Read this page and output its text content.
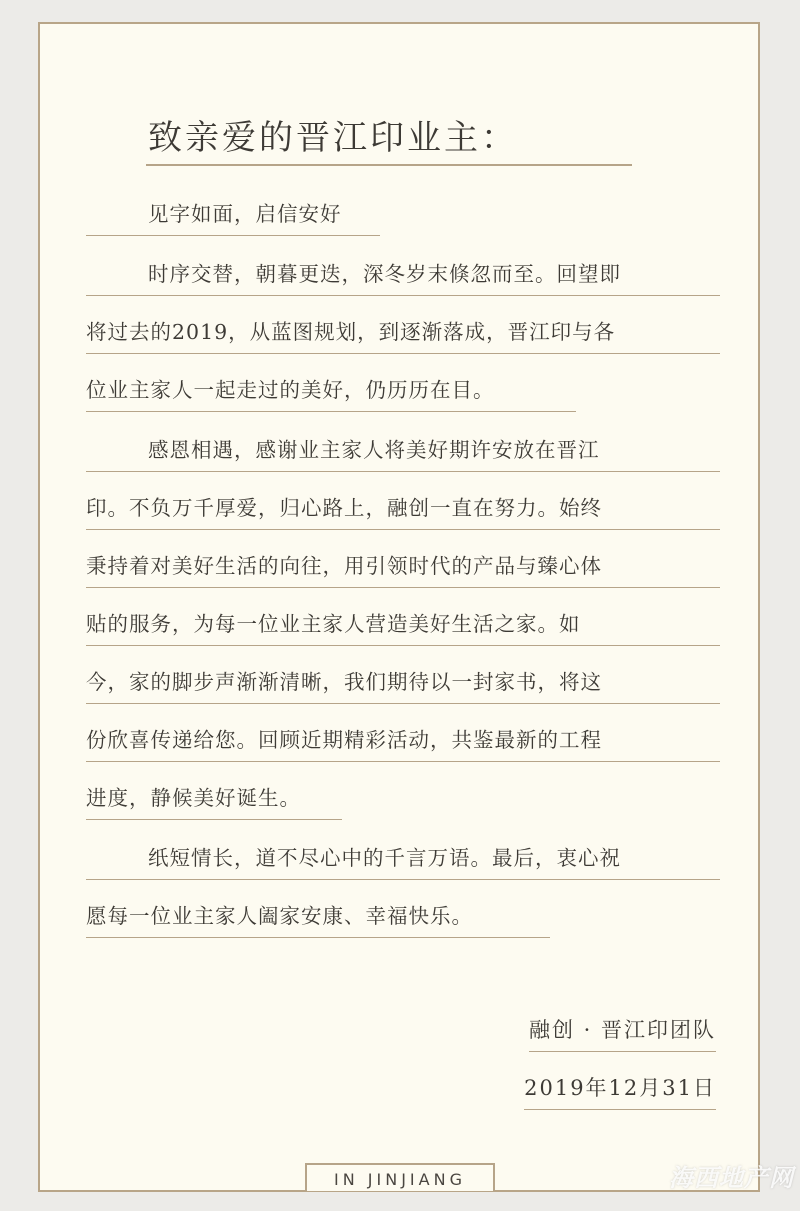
致亲爱的晋江印业主：
见字如面，启信安好
时序交替，朝暮更迭，深冬岁末倏忽而至。回望即
将过去的2019，从蓝图规划，到逐渐落成，晋江印与各
位业主家人一起走过的美好，仍历历在目。
感恩相遇，感谢业主家人将美好期许安放在晋江
印。不负万千厚爱，归心路上，融创一直在努力。始终
秉持着对美好生活的向往，用引领时代的产品与臻心体
贴的服务，为每一位业主家人营造美好生活之家。如
今，家的脚步声渐渐清晰，我们期待以一封家书，将这
份欣喜传递给您。回顾近期精彩活动，共鉴最新的工程
进度，静候美好诞生。
纸短情长，道不尽心中的千言万语。最后，衷心祝
愿每一位业主家人阖家安康、幸福快乐。
融创 · 晋江印团队
2019年12月31日
IN JINJIANG	海西地产网
